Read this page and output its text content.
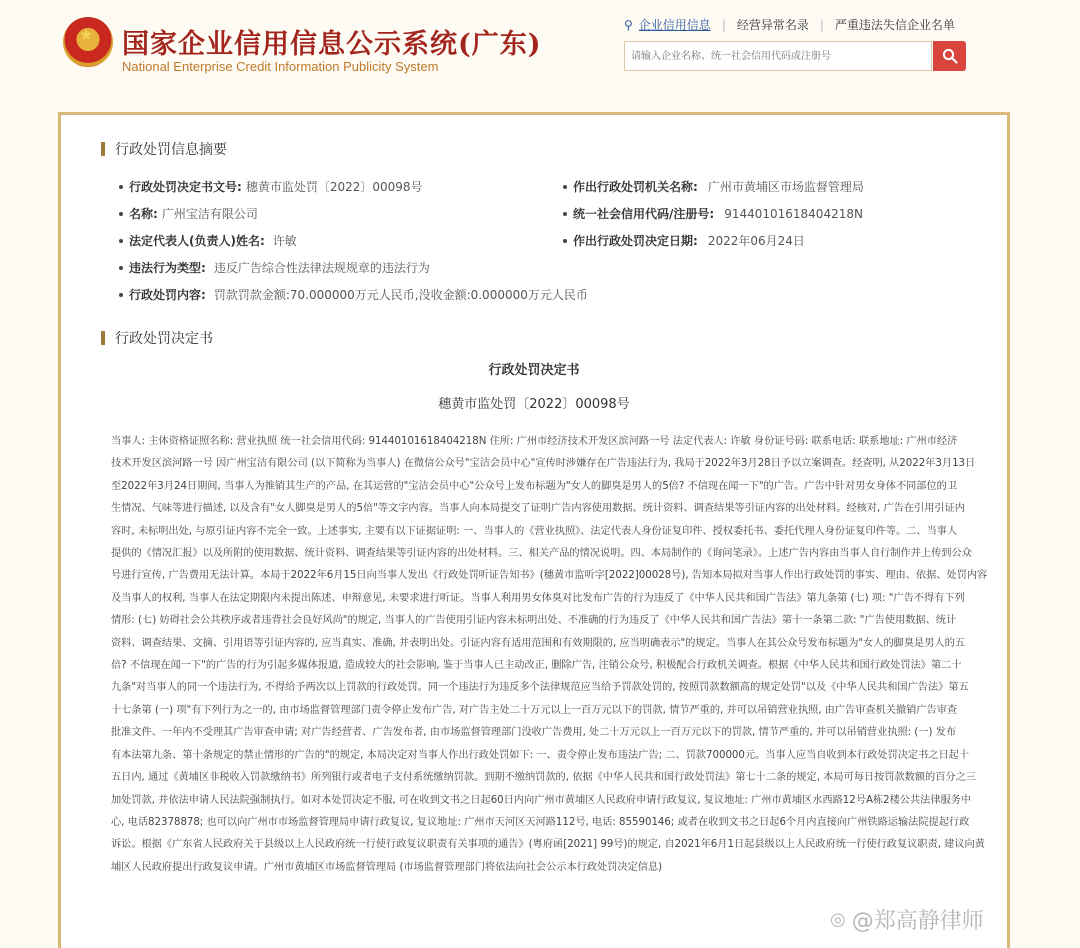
★ 国家企业信用信息公示系统(广东)
National Enterprise Credit Information Publicity System
⚲ 企业信用信息 | 经营异常名录 | 严重违法失信企业名单
请输入企业名称、统一社会信用代码或注册号
行政处罚信息摘要
行政处罚决定书文号: 穗黄市监处罚〔2022〕00098号	作出行政处罚机关名称: 广州市黄埔区市场监督管理局
名称: 广州宝洁有限公司	统一社会信用代码/注册号: 91440101618404218N
法定代表人(负责人)姓名: 许敏	作出行政处罚决定日期: 2022年06月24日
违法行为类型: 违反广告综合性法律法规规章的违法行为
行政处罚内容: 罚款罚款金额:70.000000万元人民币,没收金额:0.000000万元人民币
行政处罚决定书
行政处罚决定书
穗黄市监处罚〔2022〕00098号

当事人: 主体资格证照名称: 营业执照 统一社会信用代码: 91440101618404218N 住所: 广州市经济技术开发区滨河路一号 法定代表人: 许敏 身份证号码: 联系电话: 联系地址: 广州市经济

技术开发区滨河路一号 因广州宝洁有限公司 (以下简称为当事人) 在微信公众号"宝洁会员中心"宣传时涉嫌存在广告违法行为, 我局于2022年3月28日予以立案调查。经查明, 从2022年3月13日

至2022年3月24日期间, 当事人为推销其生产的产品, 在其运营的"宝洁会员中心"公众号上发布标题为"女人的脚臭是男人的5倍? 不信现在闻一下"的广告。广告中针对男女身体不同部位的卫

生情况、气味等进行描述, 以及含有"女人脚臭是男人的5倍"等文字内容。当事人向本局提交了证明广告内容使用数据、统计资料、调查结果等引证内容的出处材料。经核对, 广告在引用引证内

容时, 未标明出处, 与原引证内容不完全一致。上述事实, 主要有以下证据证明: 一、当事人的《营业执照》、法定代表人身份证复印件、授权委托书、委托代理人身份证复印件等。二、当事人

提供的《情况汇报》以及所附的使用数据、统计资料、调查结果等引证内容的出处材料。三、相关产品的情况说明。四、本局制作的《询问笔录》。上述广告内容由当事人自行制作并上传到公众

号进行宣传, 广告费用无法计算。本局于2022年6月15日向当事人发出《行政处罚听证告知书》(穗黄市监听字[2022]00028号), 告知本局拟对当事人作出行政处罚的事实、理由、依据、处罚内容

及当事人的权利, 当事人在法定期限内未提出陈述、申辩意见, 未要求进行听证。当事人利用男女体臭对比发布广告的行为违反了《中华人民共和国广告法》第九条第 (七) 项: "广告不得有下列

情形: (七) 妨碍社会公共秩序或者违背社会良好风尚"的规定, 当事人的广告使用引证内容未标明出处、不准确的行为违反了《中华人民共和国广告法》第十一条第二款: "广告使用数据、统计

资料、调查结果、文摘、引用语等引证内容的, 应当真实、准确, 并表明出处。引证内容有适用范围和有效期限的, 应当明确表示"的规定。当事人在其公众号发布标题为"女人的脚臭是男人的五

倍? 不信现在闻一下"的广告的行为引起多媒体报道, 造成较大的社会影响, 鉴于当事人已主动改正, 删除广告, 注销公众号, 积极配合行政机关调查。根据《中华人民共和国行政处罚法》第二十

九条"对当事人的同一个违法行为, 不得给予两次以上罚款的行政处罚。同一个违法行为违反多个法律规范应当给予罚款处罚的, 按照罚款数额高的规定处罚"以及《中华人民共和国广告法》第五

十七条第 (一) 项"有下列行为之一的, 由市场监督管理部门责令停止发布广告, 对广告主处二十万元以上一百万元以下的罚款, 情节严重的, 并可以吊销营业执照, 由广告审查机关撤销广告审查

批准文件、一年内不受理其广告审查申请; 对广告经营者、广告发布者, 由市场监督管理部门没收广告费用, 处二十万元以上一百万元以下的罚款, 情节严重的, 并可以吊销营业执照: (一) 发布

有本法第九条、第十条规定的禁止情形的广告的"的规定, 本局决定对当事人作出行政处罚如下: 一、责令停止发布违法广告; 二、罚款700000元。当事人应当自收到本行政处罚决定书之日起十

五日内, 通过《黄埔区非税收入罚款缴纳书》所列银行或者电子支付系统缴纳罚款。到期不缴纳罚款的, 依据《中华人民共和国行政处罚法》第七十二条的规定, 本局可每日按罚款数额的百分之三

加处罚款, 并依法申请人民法院强制执行。如对本处罚决定不服, 可在收到文书之日起60日内向广州市黄埔区人民政府申请行政复议, 复议地址: 广州市黄埔区水西路12号A栋2楼公共法律服务中

心, 电话82378878; 也可以向广州市市场监督管理局申请行政复议, 复议地址: 广州市天河区天河路112号, 电话: 85590146; 或者在收到文书之日起6个月内直接向广州铁路运输法院提起行政

诉讼。根据《广东省人民政府关于县级以上人民政府统一行使行政复议职责有关事项的通告》(粤府函[2021] 99号)的规定, 自2021年6月1日起县级以上人民政府统一行使行政复议职责, 建议向黄

埔区人民政府提出行政复议申请。广州市黄埔区市场监督管理局 (市场监督管理部门将依法向社会公示本行政处罚决定信息)

◎ @郑高静律师
